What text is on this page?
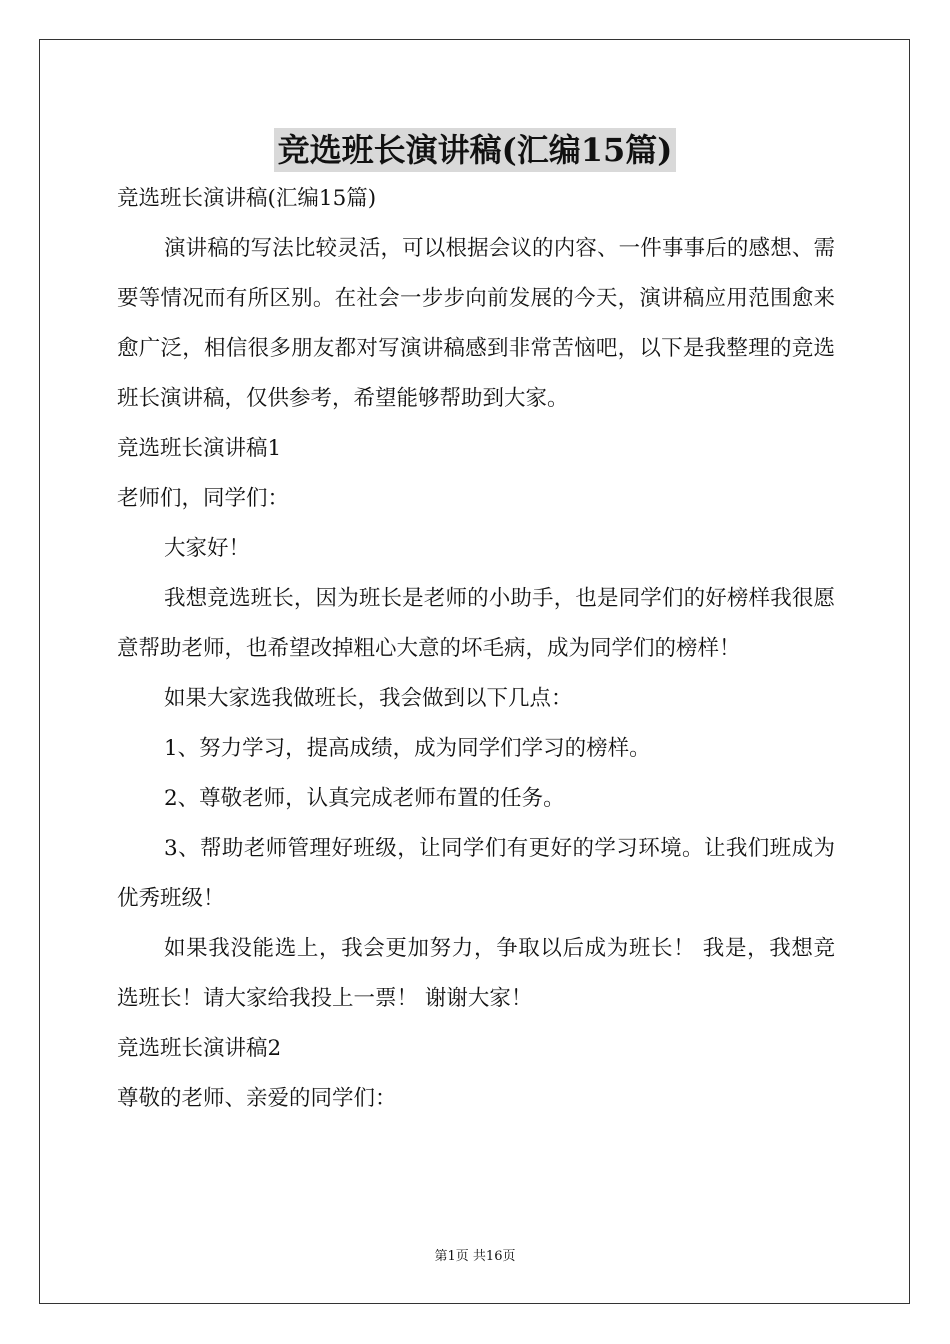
竞选班长演讲稿(汇编15篇)

竞选班长演讲稿(汇编15篇)

演讲稿的写法比较灵活，可以根据会议的内容、一件事事后的感想、需要等情况而有所区别。在社会一步步向前发展的今天，演讲稿应用范围愈来愈广泛，相信很多朋友都对写演讲稿感到非常苦恼吧，以下是我整理的竞选班长演讲稿，仅供参考，希望能够帮助到大家。

竞选班长演讲稿1

老师们，同学们：

大家好！

我想竞选班长，因为班长是老师的小助手，也是同学们的好榜样我很愿意帮助老师，也希望改掉粗心大意的坏毛病，成为同学们的榜样！

如果大家选我做班长，我会做到以下几点：

1、努力学习，提高成绩，成为同学们学习的榜样。

2、尊敬老师，认真完成老师布置的任务。

3、帮助老师管理好班级，让同学们有更好的学习环境。让我们班成为优秀班级！

如果我没能选上，我会更加努力，争取以后成为班长！ 我是，我想竞选班长！请大家给我投上一票！ 谢谢大家！

竞选班长演讲稿2

尊敬的老师、亲爱的同学们：

第1页 共16页
